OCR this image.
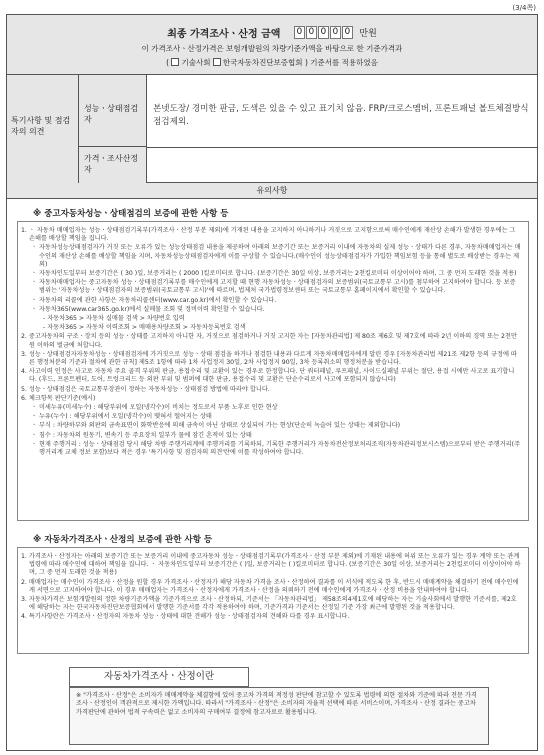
(3/4쪽)
최종 가격조사ㆍ산정 금액 0 0 0 0 0 만원
이 가격조사ㆍ산정가격은 보험개발원의 차량기준가액을 바탕으로 한 기준가격과
( 기술사회 한국자동차진단보증협회 ) 기준서를 적용하였음
특기사항 및 점검자의 의견
성능ㆍ상태점검자
본넷도장/ 경미한 판금, 도색은 있을 수 있고 표기치 않음. FRP/크로스멤버, 프론트패널 볼트체결방식 점검제외.
가격ㆍ조사산정자
유의사항
※ 중고자동차성능ㆍ상태점검의 보증에 관한 사항 등

1. ㆍ 자동차 매매업자는 성능ㆍ상태점검기록부(가격조사ㆍ산정 부분 제외)에 기재된 내용을 고지하지 아니하거나 거짓으로 고지함으로써 매수인에게 재산상 손해가 발생한 경우에는 그 손해를 배상할 책임을 집니다.

ㆍ 자동차성능상태점검자가 거짓 또는 오류가 있는 성능상태점검 내용을 제공하여 아래의 보증기간 또는 보증거리 이내에 자동차의 실제 성능ㆍ상태가 다른 경우, 자동차매매업자는 매수인의 재산상 손해를 배상할 책임을 지며, 자동차성능상태점검자에게 이를 구상할 수 있습니다.(매수인이 성능상태점검자가 가입한 책임보험 등을 통해 별도로 배상받는 경우는 제외)

ㆍ 자동차인도일부터 보증기간은 ( 30 )일, 보증거리는 ( 2000 )킬로미터로 합니다. (보증기간은 30일 이상, 보증거리는 2천킬로미터 이상이어야 하며, 그 중 먼저 도래한 것을 적용)

ㆍ 자동차매매업자는 중고자동차 성능ㆍ상태점검기록부를 매수인에게 고지할 때 현행 자동차성능ㆍ상태점검자의 보증범위(국토교통부 고시)를 첨부하여 고지하여야 합니다. 등 보증범위는 '자동차성능ㆍ상태점검자의 보증범위(국토교통부 고시)'에 따르며, 법제처 국가법령정보센터 또는 국토교통부 홈페이지에서 확인할 수 있습니다.

ㆍ 자동차의 리콜에 관한 사항은 자동차리콜센터(www.car.go.kr)에서 확인할 수 있습니다.

ㆍ 자동차365(www.car365.go.kr)에서 실매물 조회 및 정비이력 확인할 수 있습니다.

- 자동차365 > 자동차 실매물 검색 > 차량번호 입력

- 자동차365 > 자동차 이력조회 > 매매용차량조회 > 자동차등록번호 검색

2. 중고자동차의 구조ㆍ장치 등의 성능ㆍ상태를 고지하지 아니한 자, 거짓으로 점검하거나 거짓 고지한 자는 [자동차관리법] 제 80조 제6호 및 제7호에 따라 2년 이하의 징역 또는 2천만원 이하의 벌금에 처합니다.

3. 성능ㆍ상태점검자자동차성능ㆍ상태점검자에 가거짓으로 성능ㆍ상태 점검을 하거나 점검한 내용과 다르게 자동차매매업자에게 알린 경우 [자동차관리법 제21조 제2항 등의 규정에 따른 행정처분의 기준과 절차에 관한 규칙] 제5조 1항에 따라 1차 사업정지 30일, 2차 사업정지 90일, 3차 등록취소의 행정처분을 받습니다.

4. 사고이력 인정은 사고로 자동차 주요 골격 부위의 판금, 용접수리 및 교환이 있는 경우로 한정합니다. 단 쿼터패널, 루프패널, 사이드실패널 부위는 절단, 용접 시에만 사고로 표기합니다. (후드, 프론트펜더, 도어, 트렁크리드 등 외판 부위 및 범퍼에 대한 판금, 용접수리 및 교환은 단순수리로서 사고에 포함되지 않습니다)

5. 성능ㆍ상태점검은 국토교통부장관이 정하는 자동차성능ㆍ상태점검 방법에 따라야 합니다.

6. 체크항목 판단기준(예시)

ㆍ 미세누유(미세누수) : 해당부위에 오일(냉각수)이 비치는 정도로서 부품 노후로 인한 현상

ㆍ 누유(누수) : 해당부위에서 오일(냉각수)이 맺혀서 떨어지는 상태

ㆍ 부식 : 차량하부와 외판의 금속표면이 화학반응에 의해 금속이 아닌 상태로 상실되어 가는 현상(단순히 녹슬어 있는 상태는 제외합니다)

ㆍ 침수 : 자동차의 원동기, 변속기 등 주요장치 일부가 물에 잠긴 흔적이 있는 상태

ㆍ 현재 주행거리 : 성능ㆍ상태점검 당시 해당 차량 주행거리계에 주행거리를 기록하되, 기록한 주행거리가 자동차전산정보처리조직(자동차관리정보시스템)으로부터 받은 주행거리(주행거리계 교체 정보 포함)보다 적은 경우 '특기사항 및 점검자의 의견'란에 이를 작성하여야 합니다.

※ 자동차가격조사ㆍ산정의 보증에 관한 사항 등

1. 가격조사ㆍ산정자는 아래의 보증기간 또는 보증거리 이내에 중고자동차 성능ㆍ상태점검기록부(가격조사ㆍ산정 부분 제외)에 기재된 내용에 허위 또는 오류가 있는 경우 계약 또는 관계법령에 따라 매수인에 대하여 책임을 집니다. ㆍ 자동차인도일부터 보증기간은 ( )일, 보증거리는 ( )킬로미터로 합니다. (보증기간은 30일 이상, 보증거리는 2천킬로미터 이상이어야 하며, 그 중 먼저 도래한 것을 적용)

2. 매매업자는 매수인이 가격조사ㆍ산정을 원할 경우 가격조사ㆍ산정자가 해당 자동차 가격을 조사ㆍ산정하여 결과를 이 서식에 적도록 한 후, 반드시 매매계약을 체결하기 전에 매수인에게 서면으로 고지하여야 합니다. 이 경우 매매업자는 가격조사ㆍ산정자에게 가격조사ㆍ산정을 의뢰하기 전에 매수인에게 가격조사ㆍ산정 비용을 안내하여야 합니다.

3. 자동차가격은 보험개발원의 정한 차량기준가액을 기준가격으로 조사ㆍ산정하되, 기준서는 「자동차관리법」 제58조의4제1호에 해당하는 자는 기술사회에서 발행한 기준서를, 제2호에 해당하는 자는 한국자동차진단보증협회에서 발행한 기준서를 각각 적용하여야 하며, 기준가격과 기준서는 산정일 기준 가장 최근에 발행된 것을 적용합니다.

4. 특기사항란은 가격조사ㆍ산정자의 자동차 성능ㆍ상태에 대한 견해가 성능ㆍ상태점검자의 견해와 다를 경우 표시합니다.

자동차가격조사ㆍ산정이란
※ "가격조사ㆍ산정"은 소비자가 매매계약을 체결함에 있어 중고차 가격의 적정성 판단에 참고할 수 있도록 법령에 의한 절차와 기준에 따라 전문 가격조사ㆍ산정인이 객관적으로 제시한 가액입니다. 따라서 "가격조사ㆍ산정"은 소비자의 자율적 선택에 따른 서비스이며, 가격조사ㆍ산정 결과는 중고차 가격판단에 관하여 법적 구속력은 없고 소비자의 구매여부 결정에 참고자료로 활용됩니다.
